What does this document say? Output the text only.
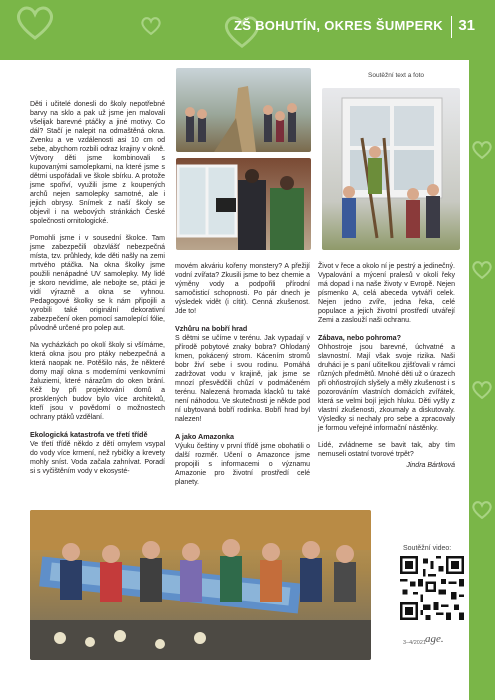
ZŠ BOHUTÍN, OKRES ŠUMPERK 31
Soutěžní text a foto

Děti i učitelé donesli do školy nepotřebné barvy na sklo a pak už jsme jen malovali všelijak barevné ptáčky a jiné motivy. Co dál? Stačí je nalepit na odmaštěná okna. Zvenku a ve vzdálenosti asi 10 cm od sebe, abychom rozbili odraz krajiny v okně. Výtvory děti jsme kombinovali s kupovanými samolepkami, na které jsme s dětmi uspořádali ve škole sbírku. A protože jsme spořiví, využili jsme z koupených archů nejen samolepky samotné, ale i jejich obrysy. Snímek z naší školy se objevil i na webových stránkách České společnosti ornitologické.

Pomohli jsme i v sousední školce. Tam jsme zabezpečili obzvlášť nebezpečná místa, tzv. průhledy, kde děti našly na zemi mrtvého ptáčka. Na okna školky jsme použili nenápadné UV samolepky. My lidé je skoro nevidíme, ale nebojte se, ptáci je vidí výrazně a okna se vyhnou. Pedagogové školky se k nám připojili a vyrobili také originální dekorativní zabezpečení oken pomocí samolepící fólie, původně určené pro polep aut.

Na vycházkách po okolí školy si všímáme, která okna jsou pro ptáky nebezpečná a která naopak ne. Potěšilo nás, že některé domy mají okna s moderními venkovními žaluziemi, které nárazům do oken brání. Kéž by při projektování domů a prosklených budov bylo více architektů, kteří jsou v povědomí o možnostech ochrany ptáků vzdělaní.

Ekologická katastrofa ve třetí třídě

Ve třetí třídě někdo z dětí omylem vsypal do vody více krmení, než rybičky a krevety mohly sníst. Voda začala zahnívat. Poradí si s vyčištěním vody v ekosysté-

movém akváriu kořeny monstery? A přežijí vodní zvířata? Zkusili jsme to bez chemie a výměny vody a podpořili přírodní samočisticí schopnosti. Po pár dnech je výsledek vidět (i cítit). Cenná zkušenost. Jde to!

Vzhůru na bobří hrad

S dětmi se učíme v terénu. Jak vypadají v přírodě pobytové znaky bobra? Ohlodaný kmen, pokácený strom. Kácením stromů bobr živí sebe i svou rodinu. Pomáhá zadržovat vodu v krajině, jak jsme se mnozí přesvědčili chůzí v podmáčeném terénu. Nalezená hromada klacků tu také není náhodou. Ve skutečnosti je někde pod ní ubytovaná bobří rodinka. Bobří hrad byl nalezen!

A jako Amazonka

Výuku češtiny v první třídě jsme obohatili o další rozměr. Učení o Amazonce jsme propojili s informacemi o významu Amazonie pro životní prostředí celé planety.

Život v řece a okolo ní je pestrý a jedinečný. Vypalování a mýcení pralesů v okolí řeky má dopad i na naše životy v Evropě. Nejen písmenko A, celá abeceda vytváří celek. Nejen jedno zvíře, jedna řeka, celé populace a jejich životní prostředí utvářejí Zemi a zaslouží naši ochranu.

Zábava, nebo pohroma?

Ohhostroje jsou barevné, úchvatné a slavnostní. Mají však svoje rizika. Naši druháci je s paní učitelkou zjišťovali v rámci různých předmětů. Mnohé děti už o úrazech při ohňostrojích slyšely a měly zkušenost i s pozorováním vlastních domácích zvířátek, která se velmi bojí jejich hluku. Děti vyšly z vlastní zkušenosti, zkoumaly a diskutovaly. Výsledky si nechaly pro sebe a zpracovaly je formou veřejné informační nástěnky.

Lidé, zvládneme se bavit tak, aby tím nemuseli ostatní tvorové trpět?

Jindra Bártková
Soutěžní video:
3–4/2021 age.
